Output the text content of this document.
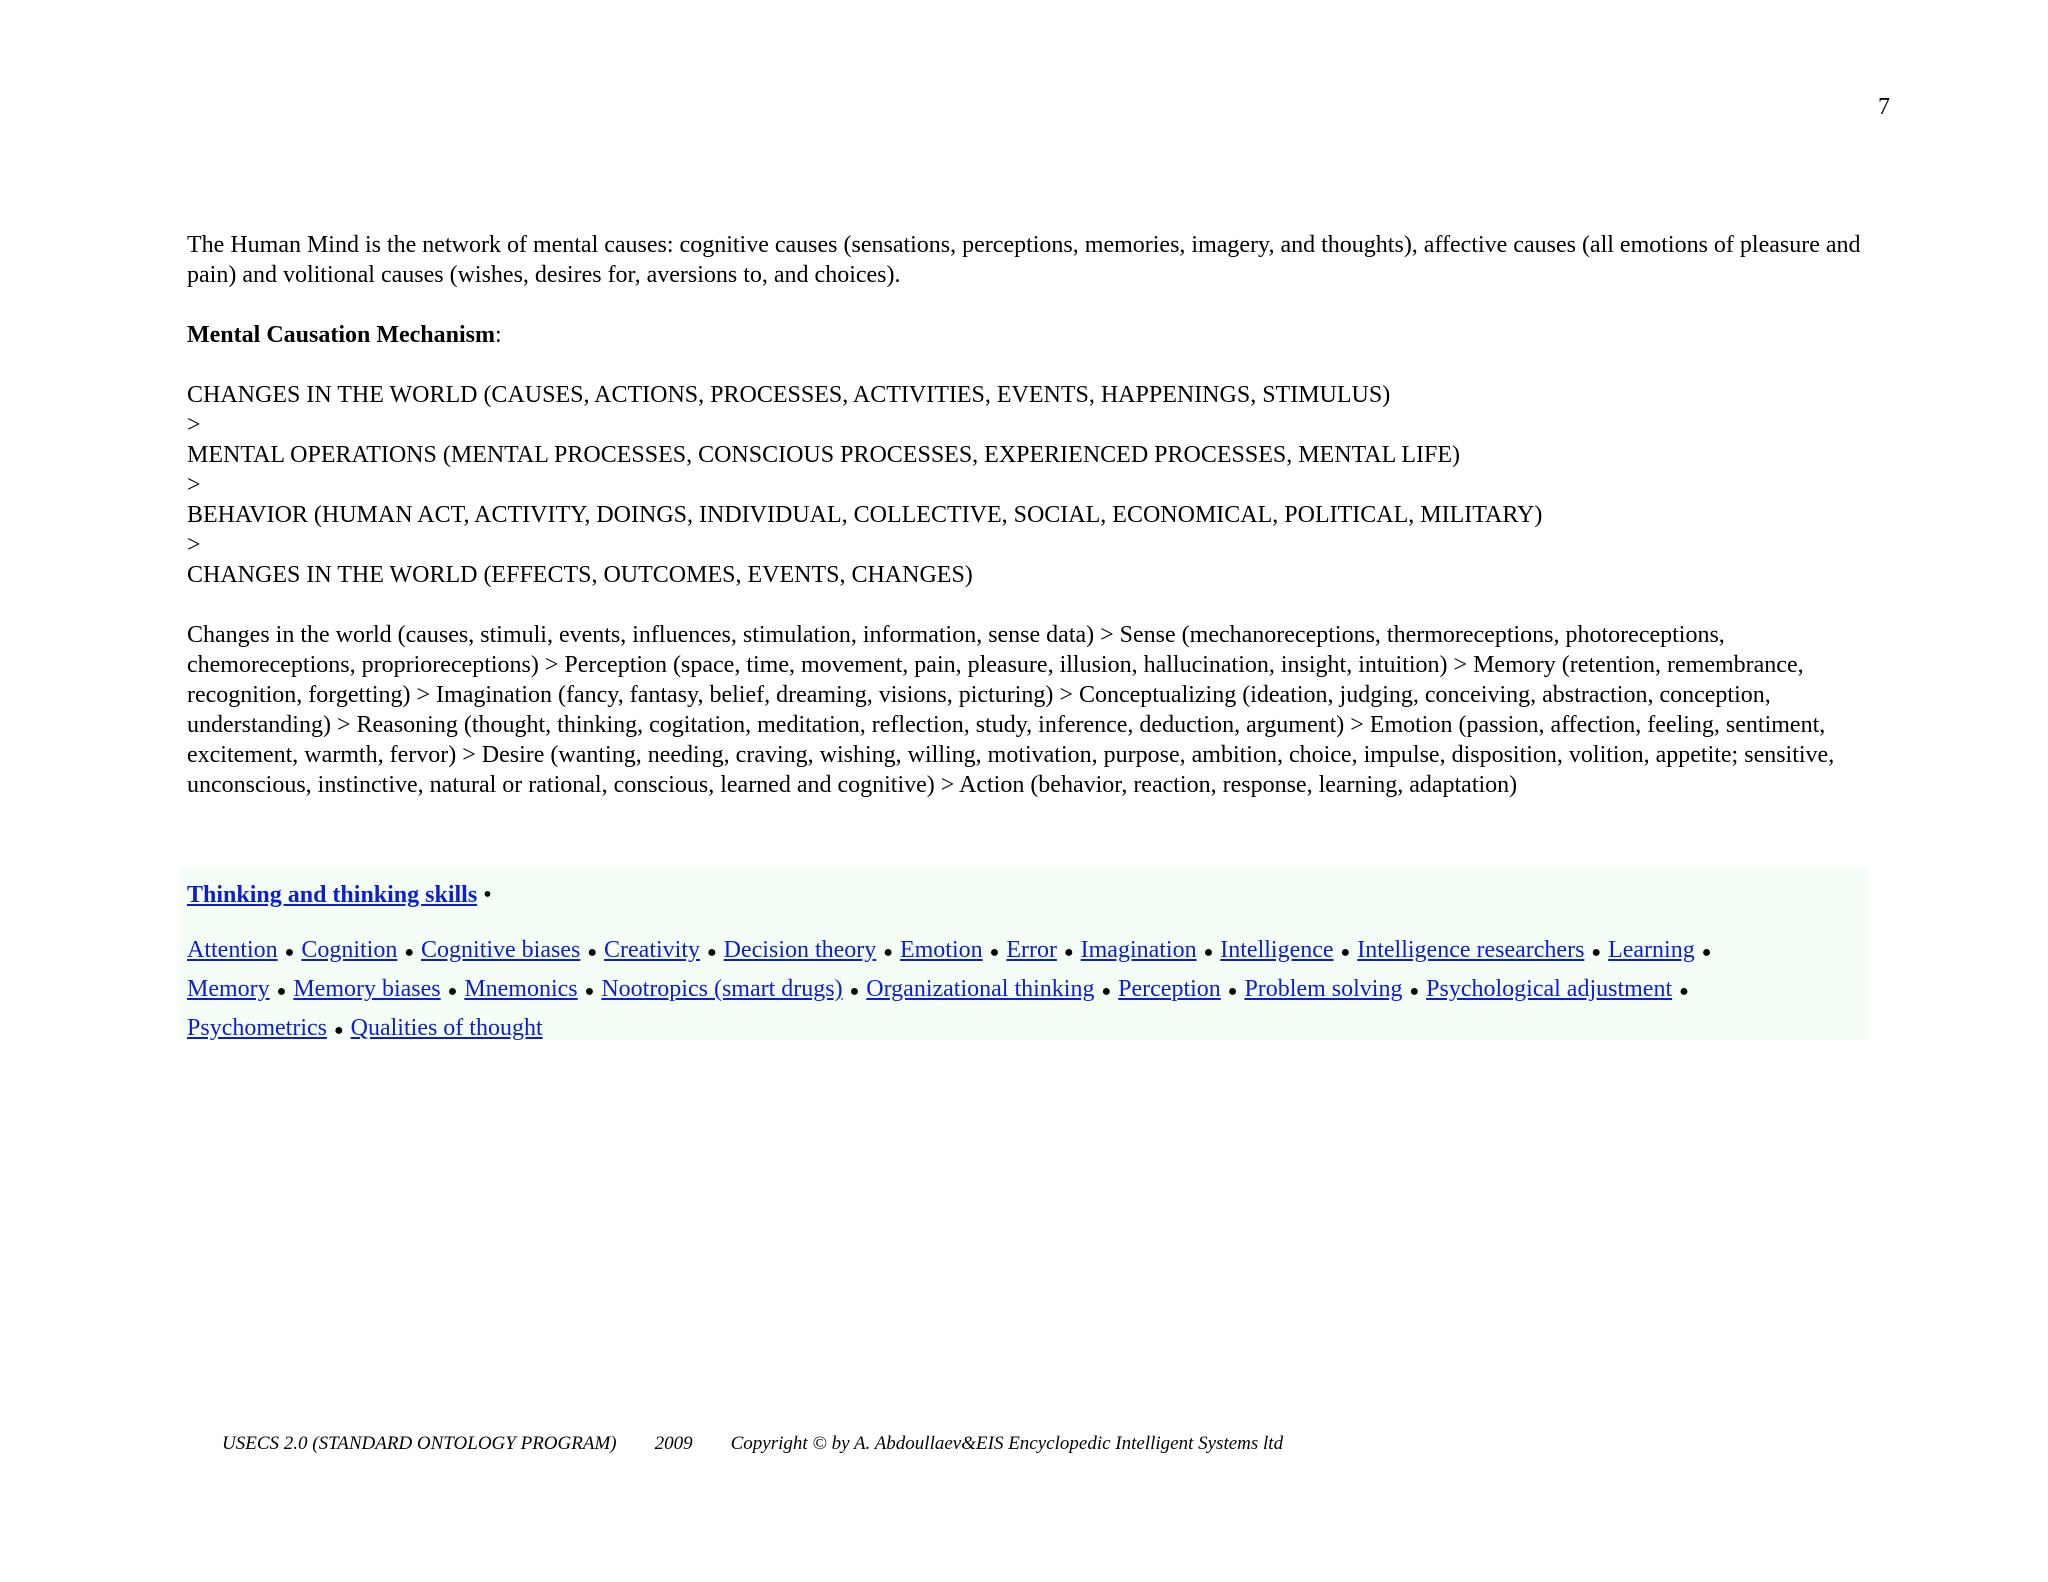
7

The Human Mind is the network of mental causes: cognitive causes (sensations, perceptions, memories, imagery, and thoughts), affective causes (all emotions of pleasure and pain) and volitional causes (wishes, desires for, aversions to, and choices).

Mental Causation Mechanism:

CHANGES IN THE WORLD (CAUSES, ACTIONS, PROCESSES, ACTIVITIES, EVENTS, HAPPENINGS, STIMULUS)
>
MENTAL OPERATIONS (MENTAL PROCESSES, CONSCIOUS PROCESSES, EXPERIENCED PROCESSES, MENTAL LIFE)
>
BEHAVIOR (HUMAN ACT, ACTIVITY, DOINGS, INDIVIDUAL, COLLECTIVE, SOCIAL, ECONOMICAL, POLITICAL, MILITARY)
>
CHANGES IN THE WORLD (EFFECTS, OUTCOMES, EVENTS, CHANGES)

Changes in the world (causes, stimuli, events, influences, stimulation, information, sense data) > Sense (mechanoreceptions, thermoreceptions, photoreceptions, chemoreceptions, proprioreceptions) > Perception (space, time, movement, pain, pleasure, illusion, hallucination, insight, intuition) > Memory (retention, remembrance, recognition, forgetting) > Imagination (fancy, fantasy, belief, dreaming, visions, picturing) > Conceptualizing (ideation, judging, conceiving, abstraction, conception, understanding) > Reasoning (thought, thinking, cogitation, meditation, reflection, study, inference, deduction, argument) > Emotion (passion, affection, feeling, sentiment, excitement, warmth, fervor) > Desire (wanting, needing, craving, wishing, willing, motivation, purpose, ambition, choice, impulse, disposition, volition, appetite; sensitive, unconscious, instinctive, natural or rational, conscious, learned and cognitive) > Action (behavior, reaction, response, learning, adaptation)

Thinking and thinking skills •
Attention ● Cognition ● Cognitive biases ● Creativity ● Decision theory ● Emotion ● Error ● Imagination ● Intelligence ● Intelligence researchers ● Learning ● Memory ● Memory biases ● Mnemonics ● Nootropics (smart drugs) ● Organizational thinking ● Perception ● Problem solving ● Psychological adjustment ● Psychometrics ● Qualities of thought
USECS 2.0 (STANDARD ONTOLOGY PROGRAM) 2009 Copyright © by A. Abdoullaev&EIS Encyclopedic Intelligent Systems ltd
